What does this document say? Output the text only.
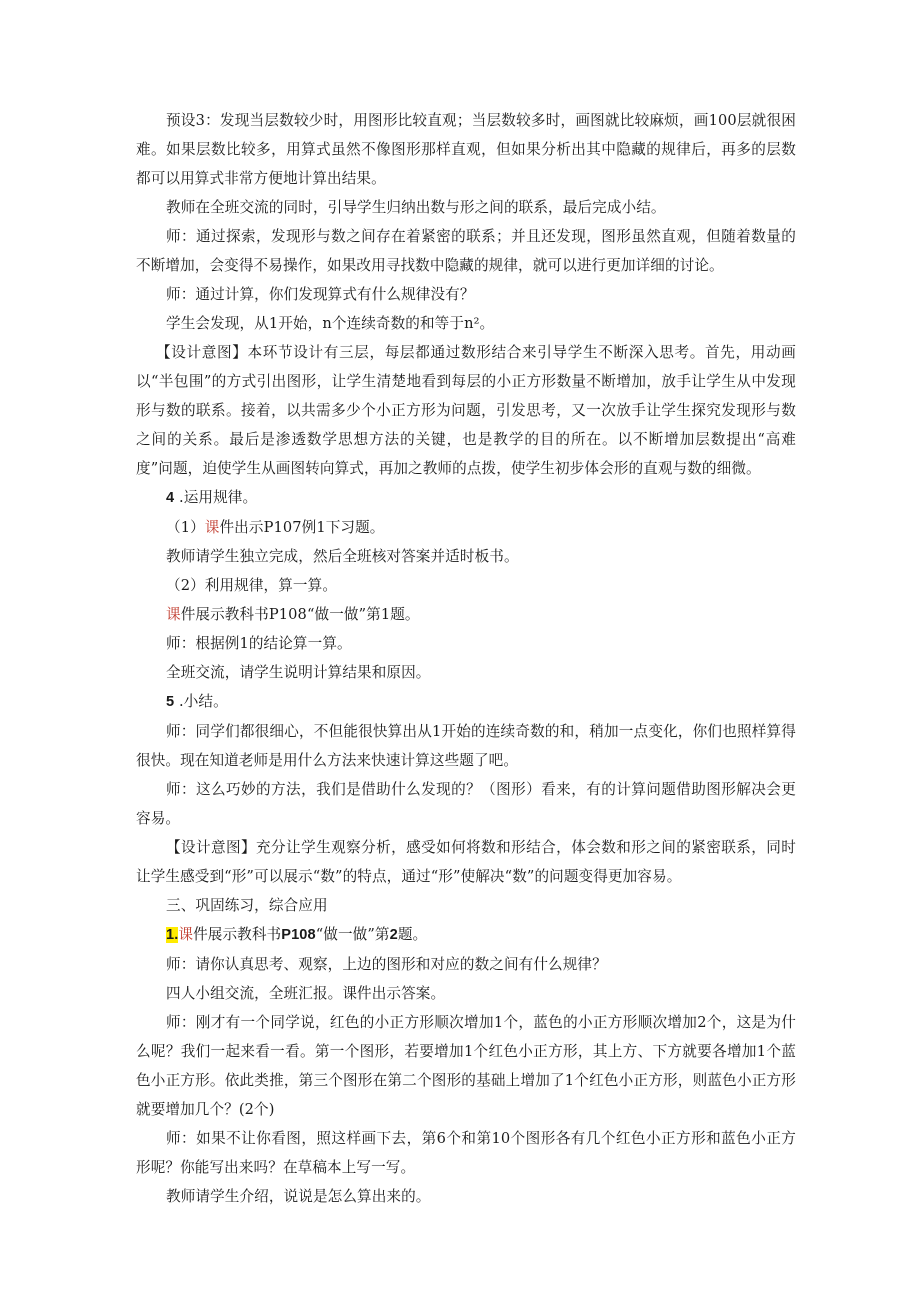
预设3：发现当层数较少时，用图形比较直观；当层数较多时，画图就比较麻烦，画100层就很困难。如果层数比较多，用算式虽然不像图形那样直观，但如果分析出其中隐藏的规律后，再多的层数都可以用算式非常方便地计算出结果。

教师在全班交流的同时，引导学生归纳出数与形之间的联系，最后完成小结。

师：通过探索，发现形与数之间存在着紧密的联系；并且还发现，图形虽然直观，但随着数量的不断增加，会变得不易操作，如果改用寻找数中隐藏的规律，就可以进行更加详细的讨论。

师：通过计算，你们发现算式有什么规律没有？

学生会发现，从1开始，n个连续奇数的和等于n²。

【设计意图】本环节设计有三层，每层都通过数形结合来引导学生不断深入思考。首先，用动画以“半包围”的方式引出图形，让学生清楚地看到每层的小正方形数量不断增加，放手让学生从中发现形与数的联系。接着，以共需多少个小正方形为问题，引发思考，又一次放手让学生探究发现形与数之间的关系。最后是渗透数学思想方法的关键，也是教学的目的所在。以不断增加层数提出“高难度”问题，迫使学生从画图转向算式，再加之教师的点拨，使学生初步体会形的直观与数的细微。

4 .运用规律。

（1）课件出示P107例1下习题。

教师请学生独立完成，然后全班核对答案并适时板书。

（2）利用规律，算一算。

课件展示教科书P108“做一做”第1题。

师：根据例1的结论算一算。

全班交流，请学生说明计算结果和原因。

5 .小结。

师：同学们都很细心，不但能很快算出从1开始的连续奇数的和，稍加一点变化，你们也照样算得很快。现在知道老师是用什么方法来快速计算这些题了吧。

师：这么巧妙的方法，我们是借助什么发现的？（图形）看来，有的计算问题借助图形解决会更容易。

【设计意图】充分让学生观察分析，感受如何将数和形结合，体会数和形之间的紧密联系，同时让学生感受到“形”可以展示“数”的特点，通过“形”使解决“数”的问题变得更加容易。

三、巩固练习，综合应用

1.课件展示教科书P108“做一做”第2题。

师：请你认真思考、观察，上边的图形和对应的数之间有什么规律？

四人小组交流，全班汇报。课件出示答案。

师：刚才有一个同学说，红色的小正方形顺次增加1个，蓝色的小正方形顺次增加2个，这是为什么呢？我们一起来看一看。第一个图形，若要增加1个红色小正方形，其上方、下方就要各增加1个蓝色小正方形。依此类推，第三个图形在第二个图形的基础上增加了1个红色小正方形，则蓝色小正方形就要增加几个？(2个)

师：如果不让你看图，照这样画下去，第6个和第10个图形各有几个红色小正方形和蓝色小正方形呢？你能写出来吗？在草稿本上写一写。

教师请学生介绍，说说是怎么算出来的。
